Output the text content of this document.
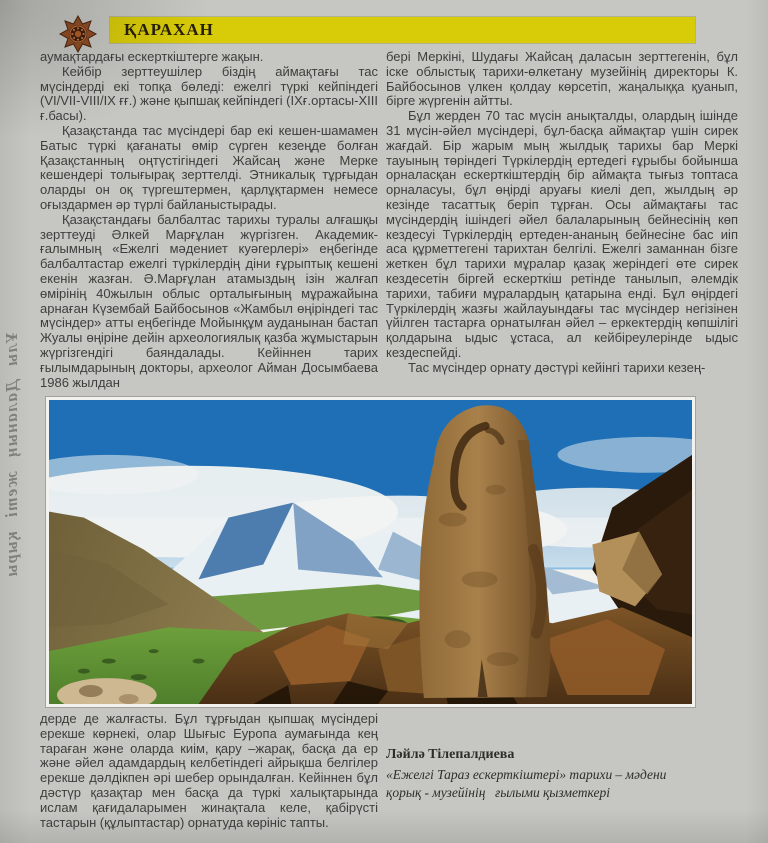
ҚАРАХАН
Ұлы Даланың жеті қыры

аумақтардағы ескерткіштерге жақын.

Кейбір зерттеушілер біздің аймақтағы тас мүсіндерді екі топқа бөледі: ежелгі түркі кейпіндегі (VI/VII-VIII/IX ғғ.) және қыпшақ кейпіндегі (IXғ.ортасы-XIII ғ.басы).

Қазақстанда тас мүсіндері бар екі кешен-шамамен Батыс түркі қағанаты өмір сүрген кезеңде болған Қазақстанның оңтүстігіндегі Жайсаң және Мерке кешендері толығырақ зерттелді. Этникалық тұрғыдан оларды он оқ түргештермен, қарлұқтармен немесе оғыздармен әр түрлі байланыстырады.

Қазақстандағы балбалтас тарихы туралы алғашқы зерттеуді Әлкей Марғұлан жүргізген. Академик-ғалымның «Ежелгі мәдениет куәгерлері» еңбегінде балбалтастар ежелгі түркілердің діни ғұрыптық кешені екенін жазған. Ә.Марғұлан атамыздың ізін жалғап өмірінің 40жылын облыс орталығының мұражайына арнаған Күзембай Байбосынов «Жамбыл өңіріндегі тас мүсіндер» атты еңбегінде Мойынқұм ауданынан бастап Жуалы өңіріне дейін археологиялық қазба жұмыстарын жүргізгендігі баяндалады. Кейіннен тарих ғылымдарының докторы, археолог Айман Досымбаева 1986 жылдан

бері Меркіні, Шудағы Жайсаң даласын зерттегенін, бұл іске облыстық тарихи-өлкетану музейінің директоры К. Байбосынов үлкен қолдау көрсетіп, жаңалыққа қуанып, бірге жүргенін айтты.

Бұл жерден 70 тас мүсін анықталды, олардың ішінде 31 мүсін-әйел мүсіндері, бұл-басқа аймақтар үшін сирек жағдай. Бір жарым мың жылдық тарихы бар Меркі тауының төріндегі Түркілердің ертедегі ғұрыбы бойынша орналасқан ескерткіштердің бір аймақта тығыз топтаса орналасуы, бұл өңірді аруағы киелі деп, жылдың әр кезінде тасаттық беріп тұрған. Осы аймақтағы тас мүсіндердің ішіндегі әйел балаларының бейнесінің көп кездесуі Түркілердің ертеден-ананың бейнесіне бас иіп аса құрметтегені тарихтан белгілі. Ежелгі заманнан бізге жеткен бұл тарихи мұралар қазақ жеріндегі өте сирек кездесетін біргей ескерткіш ретінде танылып, әлемдік тарихи, табиғи мұралардың қатарына енді. Бұл өңірдегі Түркілердің жазғы жайлауындағы тас мүсіндер негізінен үйілген тастарға орнатылған әйел – еркектердің көпшілігі қолдарына ыдыс ұстаса, ал кейбіреулерінде ыдыс кездеспейді.

Тас мүсіндер орнату дәстүрі кейінгі тарихи кезең-

дерде де жалғасты. Бұл тұрғыдан қыпшақ мүсіндері ерекше көрнекі, олар Шығыс Еуропа аумағында кең тараған және оларда киім, қару –жарақ, басқа да ер және әйел адамдардың келбетіндегі айрықша белгілер ерекше дәлдікпен әрі шебер орындалған. Кейіннен бұл дәстүр қазақтар мен басқа да түркі халықтарында ислам қағидаларымен жинақтала келе, қабірүсті тастарын (құлыптастар) орнатуда көрініс тапты.

Ләйлә Тілепалдиева

«Ежелгі Тараз ескерткіштері» тарихи – мәдени

қорық - музейінің   ғылыми қызметкері
